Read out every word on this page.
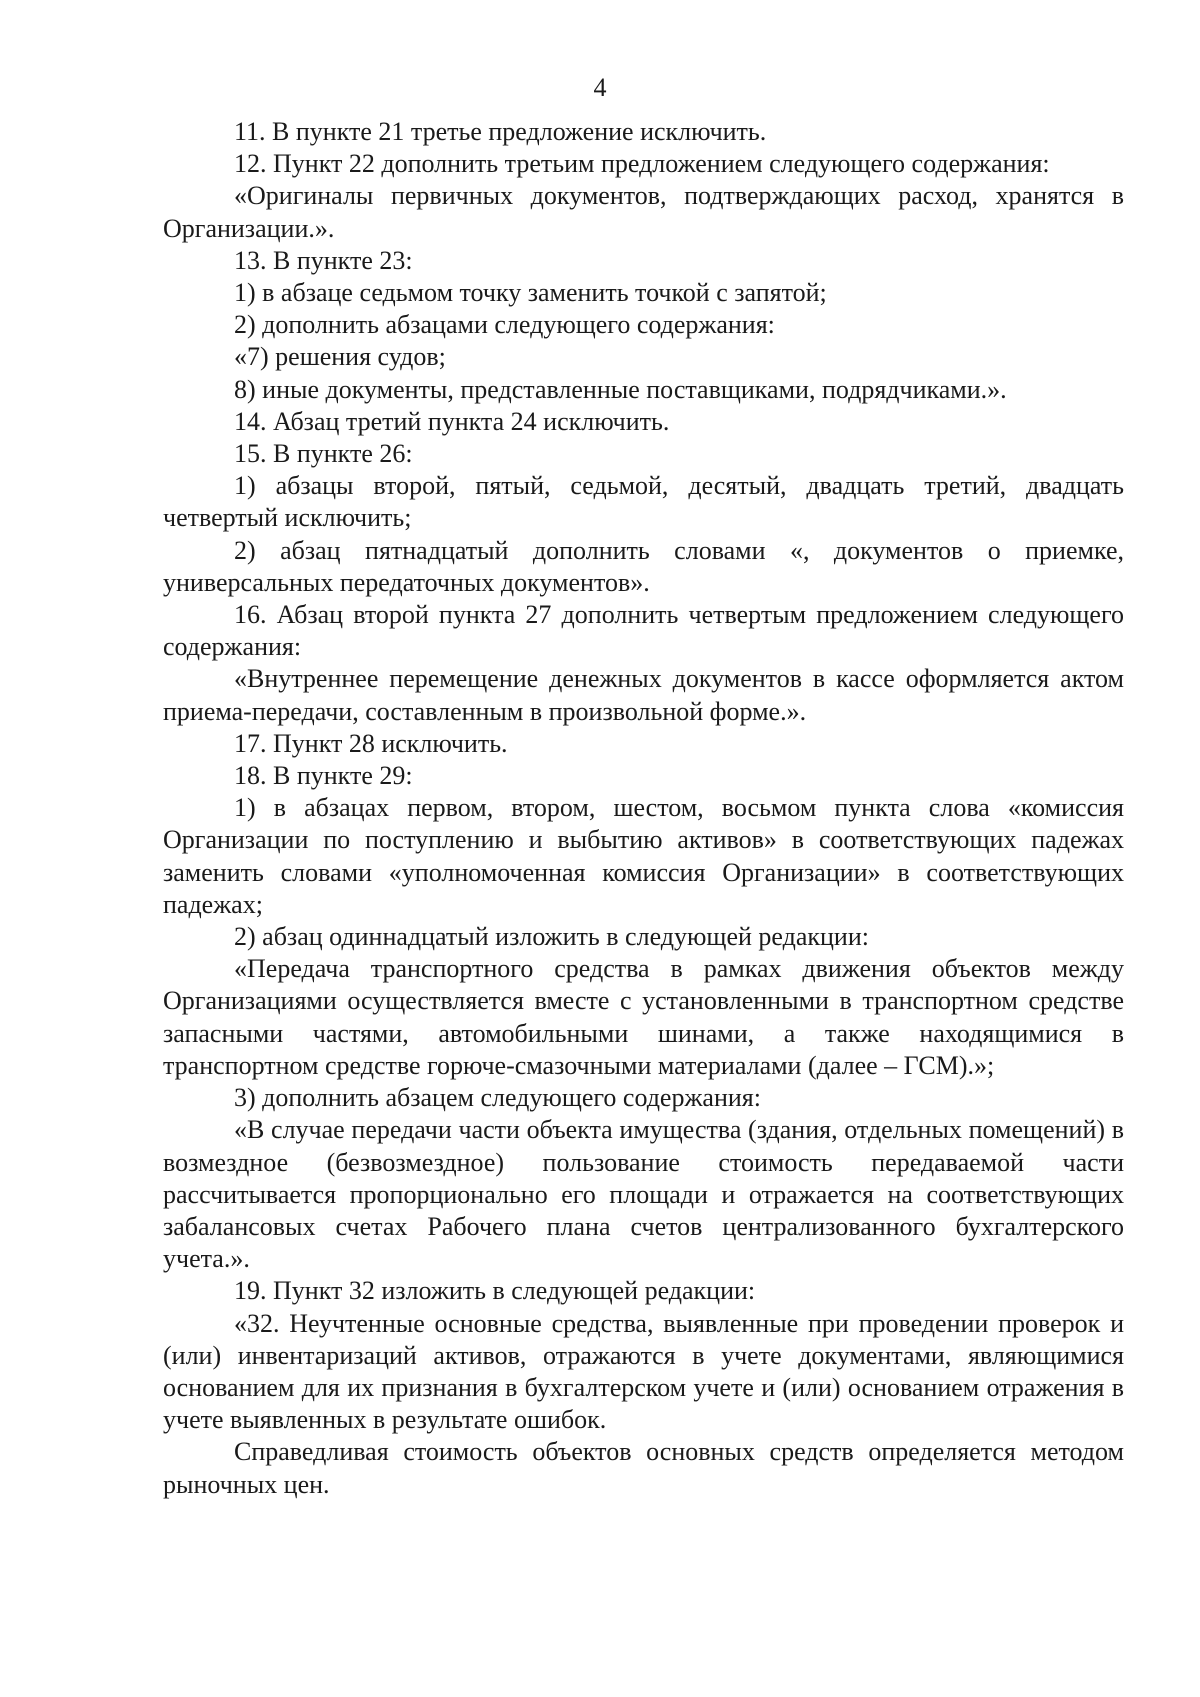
4

11. В пункте 21 третье предложение исключить.

12. Пункт 22 дополнить третьим предложением следующего содержания:

«Оригиналы первичных документов, подтверждающих расход, хранятся в Организации.».

13. В пункте 23:

1) в абзаце седьмом точку заменить точкой с запятой;

2) дополнить абзацами следующего содержания:

«7) решения судов;

8) иные документы, представленные поставщиками, подрядчиками.».

14. Абзац третий пункта 24 исключить.

15. В пункте 26:

1) абзацы второй, пятый, седьмой, десятый, двадцать третий, двадцать четвертый исключить;

2) абзац пятнадцатый дополнить словами «, документов о приемке, универсальных передаточных документов».

16. Абзац второй пункта 27 дополнить четвертым предложением следующего содержания:

«Внутреннее перемещение денежных документов в кассе оформляется актом приема-передачи, составленным в произвольной форме.».

17. Пункт 28 исключить.

18. В пункте 29:

1) в абзацах первом, втором, шестом, восьмом пункта слова «комиссия Организации по поступлению и выбытию активов» в соответствующих падежах заменить словами «уполномоченная комиссия Организации» в соответствующих падежах;

2) абзац одиннадцатый изложить в следующей редакции:

«Передача транспортного средства в рамках движения объектов между Организациями осуществляется вместе с установленными в транспортном средстве запасными частями, автомобильными шинами, а также находящимися в транспортном средстве горюче-смазочными материалами (далее – ГСМ).»;

3) дополнить абзацем следующего содержания:

«В случае передачи части объекта имущества (здания, отдельных помещений) в возмездное (безвозмездное) пользование стоимость передаваемой части рассчитывается пропорционально его площади и отражается на соответствующих забалансовых счетах Рабочего плана счетов централизованного бухгалтерского учета.».

19. Пункт 32 изложить в следующей редакции:

«32. Неучтенные основные средства, выявленные при проведении проверок и (или) инвентаризаций активов, отражаются в учете документами, являющимися основанием для их признания в бухгалтерском учете и (или) основанием отражения в учете выявленных в результате ошибок.

Справедливая стоимость объектов основных средств определяется методом рыночных цен.
